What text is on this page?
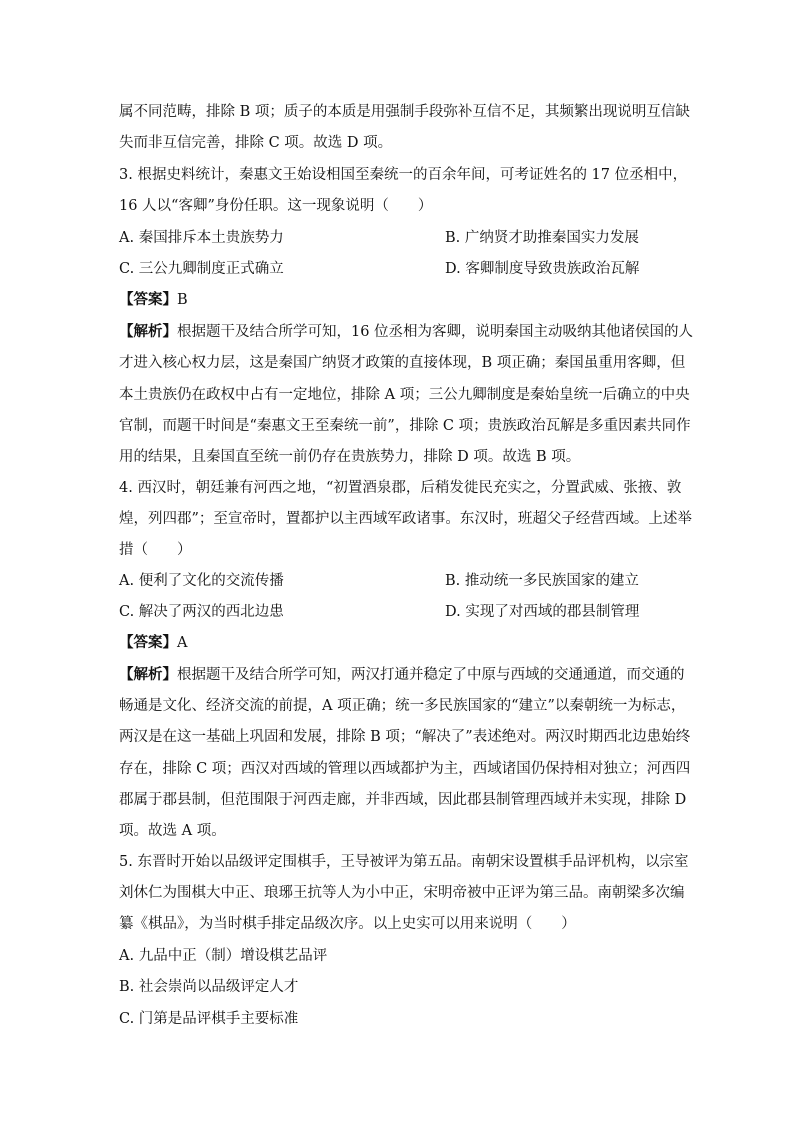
属不同范畴，排除 B 项；质子的本质是用强制手段弥补互信不足，其频繁出现说明互信缺
失而非互信完善，排除 C 项。故选 D 项。
3. 根据史料统计，秦惠文王始设相国至秦统一的百余年间，可考证姓名的 17 位丞相中，
16 人以“客卿”身份任职。这一现象说明（　　）
A. 秦国排斥本土贵族势力	B. 广纳贤才助推秦国实力发展
C. 三公九卿制度正式确立	D. 客卿制度导致贵族政治瓦解
【答案】B
【解析】根据题干及结合所学可知，16 位丞相为客卿，说明秦国主动吸纳其他诸侯国的人
才进入核心权力层，这是秦国广纳贤才政策的直接体现，B 项正确；秦国虽重用客卿，但
本土贵族仍在政权中占有一定地位，排除 A 项；三公九卿制度是秦始皇统一后确立的中央
官制，而题干时间是“秦惠文王至秦统一前”，排除 C 项；贵族政治瓦解是多重因素共同作
用的结果，且秦国直至统一前仍存在贵族势力，排除 D 项。故选 B 项。
4. 西汉时，朝廷兼有河西之地，“初置酒泉郡，后稍发徙民充实之，分置武威、张掖、敦
煌，列四郡”；至宣帝时，置都护以主西域军政诸事。东汉时，班超父子经营西域。上述举
措（　　）
A. 便利了文化的交流传播	B. 推动统一多民族国家的建立
C. 解决了两汉的西北边患	D. 实现了对西域的郡县制管理
【答案】A
【解析】根据题干及结合所学可知，两汉打通并稳定了中原与西域的交通通道，而交通的
畅通是文化、经济交流的前提，A 项正确；统一多民族国家的“建立”以秦朝统一为标志，
两汉是在这一基础上巩固和发展，排除 B 项；“解决了”表述绝对。两汉时期西北边患始终
存在，排除 C 项；西汉对西域的管理以西域都护为主，西域诸国仍保持相对独立；河西四
郡属于郡县制，但范围限于河西走廊，并非西域，因此郡县制管理西域并未实现，排除 D
项。故选 A 项。
5. 东晋时开始以品级评定围棋手，王导被评为第五品。南朝宋设置棋手品评机构，以宗室
刘休仁为围棋大中正、琅琊王抗等人为小中正，宋明帝被中正评为第三品。南朝梁多次编
纂《棋品》，为当时棋手排定品级次序。以上史实可以用来说明（　　）
A. 九品中正（制）增设棋艺品评
B. 社会崇尚以品级评定人才
C. 门第是品评棋手主要标准
